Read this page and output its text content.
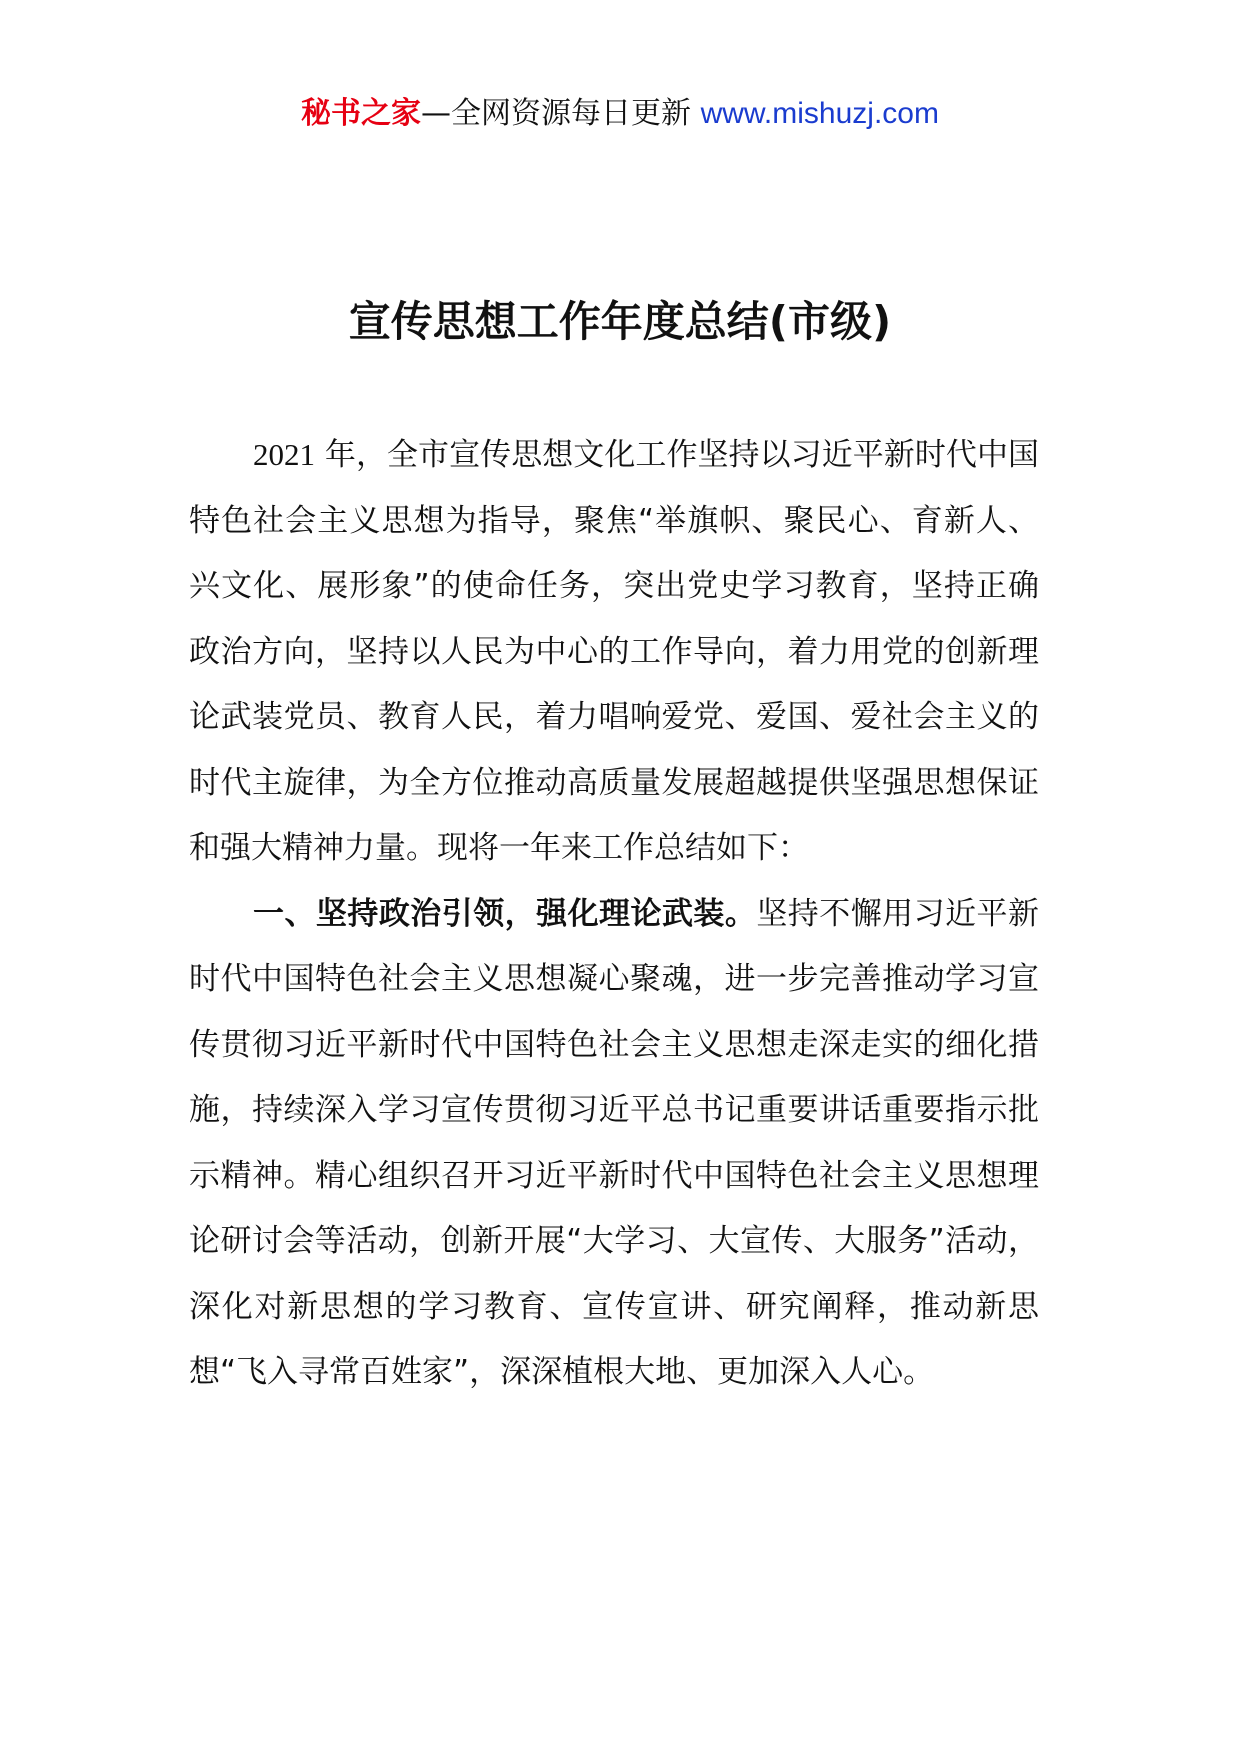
秘书之家—全网资源每日更新 www.mishuzj.com
宣传思想工作年度总结(市级)

2021 年，全市宣传思想文化工作坚持以习近平新时代中国特色社会主义思想为指导，聚焦“举旗帜、聚民心、育新人、兴文化、展形象”的使命任务，突出党史学习教育，坚持正确政治方向，坚持以人民为中心的工作导向，着力用党的创新理论武装党员、教育人民，着力唱响爱党、爱国、爱社会主义的时代主旋律，为全方位推动高质量发展超越提供坚强思想保证和强大精神力量。现将一年来工作总结如下：

一、坚持政治引领，强化理论武装。坚持不懈用习近平新时代中国特色社会主义思想凝心聚魂，进一步完善推动学习宣传贯彻习近平新时代中国特色社会主义思想走深走实的细化措施，持续深入学习宣传贯彻习近平总书记重要讲话重要指示批示精神。精心组织召开习近平新时代中国特色社会主义思想理论研讨会等活动，创新开展“大学习、大宣传、大服务”活动，深化对新思想的学习教育、宣传宣讲、研究阐释，推动新思想“飞入寻常百姓家”，深深植根大地、更加深入人心。
